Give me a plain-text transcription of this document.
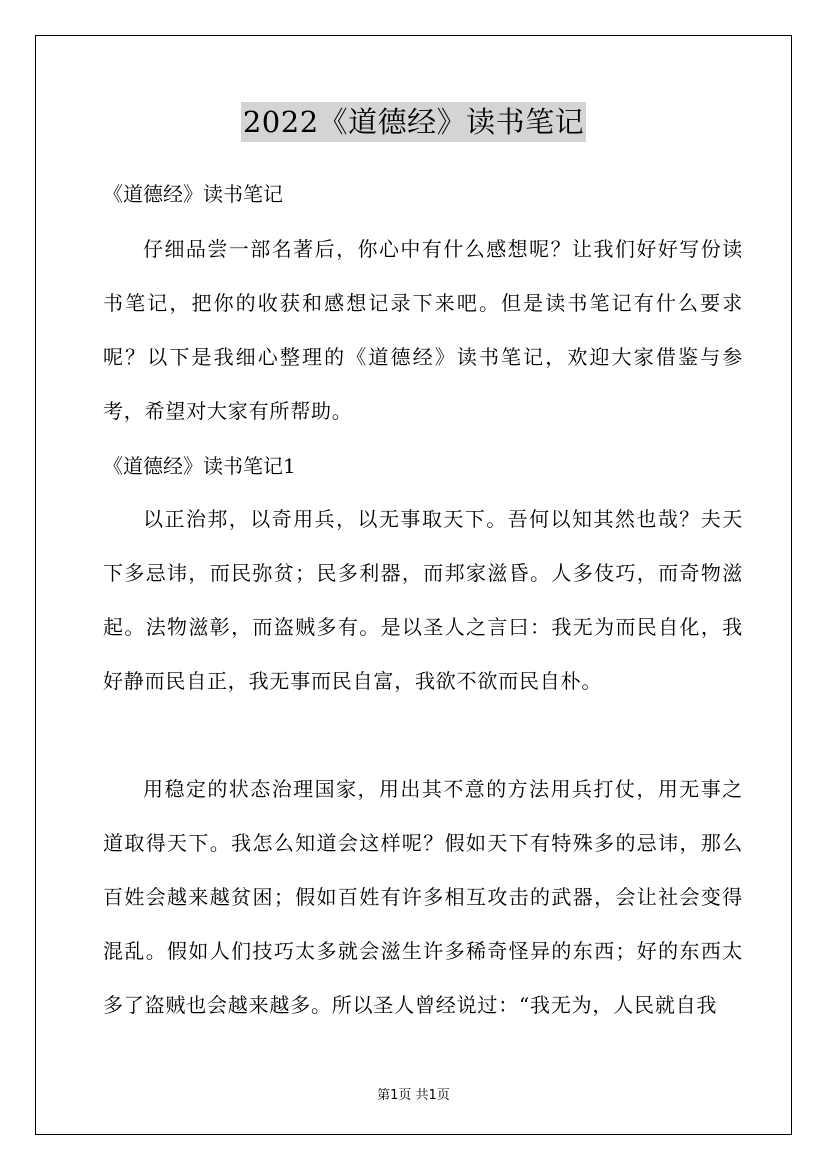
2022《道德经》读书笔记
《道德经》读书笔记
仔细品尝一部名著后，你心中有什么感想呢？让我们好好写份读书笔记，把你的收获和感想记录下来吧。但是读书笔记有什么要求呢？以下是我细心整理的《道德经》读书笔记，欢迎大家借鉴与参考，希望对大家有所帮助。
《道德经》读书笔记1
以正治邦，以奇用兵，以无事取天下。吾何以知其然也哉？夫天下多忌讳，而民弥贫；民多利器，而邦家滋昏。人多伎巧，而奇物滋起。法物滋彰，而盗贼多有。是以圣人之言曰：我无为而民自化，我好静而民自正，我无事而民自富，我欲不欲而民自朴。
用稳定的状态治理国家，用出其不意的方法用兵打仗，用无事之道取得天下。我怎么知道会这样呢？假如天下有特殊多的忌讳，那么百姓会越来越贫困；假如百姓有许多相互攻击的武器，会让社会变得混乱。假如人们技巧太多就会滋生许多稀奇怪异的东西；好的东西太多了盗贼也会越来越多。所以圣人曾经说过：“我无为，人民就自我
第1页 共1页
